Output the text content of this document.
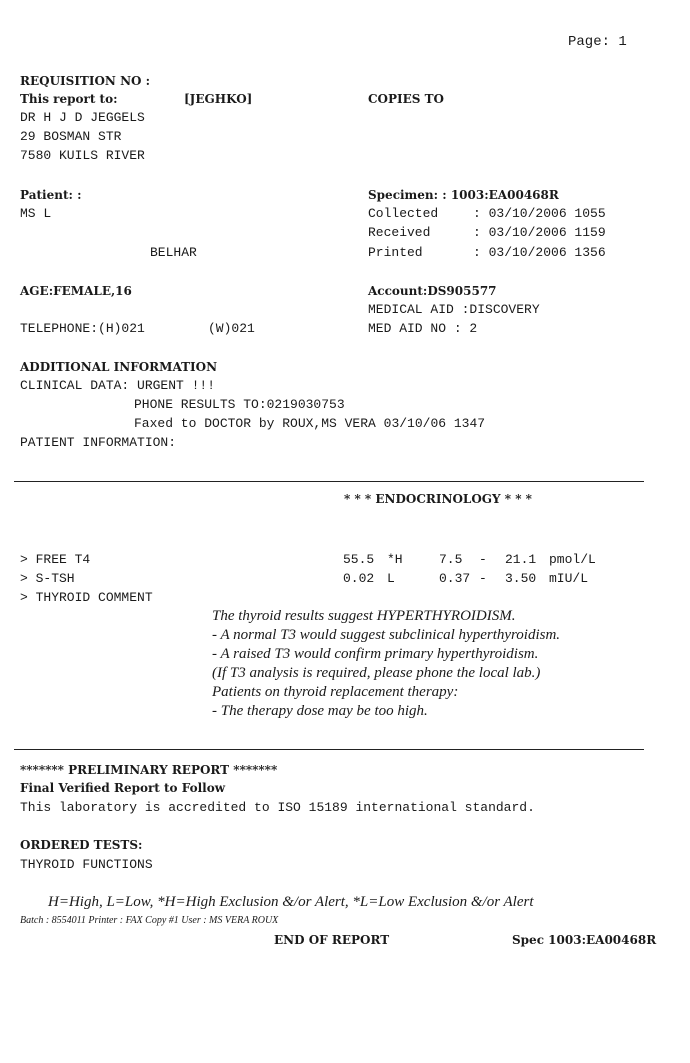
Page: 1
REQUISITION NO :
This report to:	[JEGHKO]	COPIES TO
DR H J D JEGGELS
29 BOSMAN STR
7580 KUILS RIVER
Patient: :
MS L
BELHAR
AGE:FEMALE,16
TELEPHONE:(H)021	(W)021
Specimen: : 1003:EA00468R
Collected	: 03/10/2006 1055
Received	: 03/10/2006 1159
Printed	: 03/10/2006 1356
Account:DS905577
MEDICAL AID :DISCOVERY
MED AID NO : 2
ADDITIONAL INFORMATION
CLINICAL DATA: URGENT !!!
PHONE RESULTS TO:0219030753
Faxed to DOCTOR by ROUX,MS VERA 03/10/06 1347
PATIENT INFORMATION:
* * * ENDOCRINOLOGY * * *
> FREE T4	55.5 *H	7.5	-	21.1 pmol/L
> S-TSH	0.02 L	0.37 -	3.50 mIU/L
> THYROID COMMENT
The thyroid results suggest HYPERTHYROIDISM.
- A normal T3 would suggest subclinical hyperthyroidism.
- A raised T3 would confirm primary hyperthyroidism.
(If T3 analysis is required, please phone the local lab.)
Patients on thyroid replacement therapy:
- The therapy dose may be too high.
******* PRELIMINARY REPORT *******
Final Verified Report to Follow
This laboratory is accredited to ISO 15189 international standard.
ORDERED TESTS:
THYROID FUNCTIONS
H=High, L=Low, *H=High Exclusion &/or Alert, *L=Low Exclusion &/or Alert
Batch : 8554011 Printer : FAX Copy #1 User : MS VERA ROUX
END OF REPORT	Spec 1003:EA00468R
